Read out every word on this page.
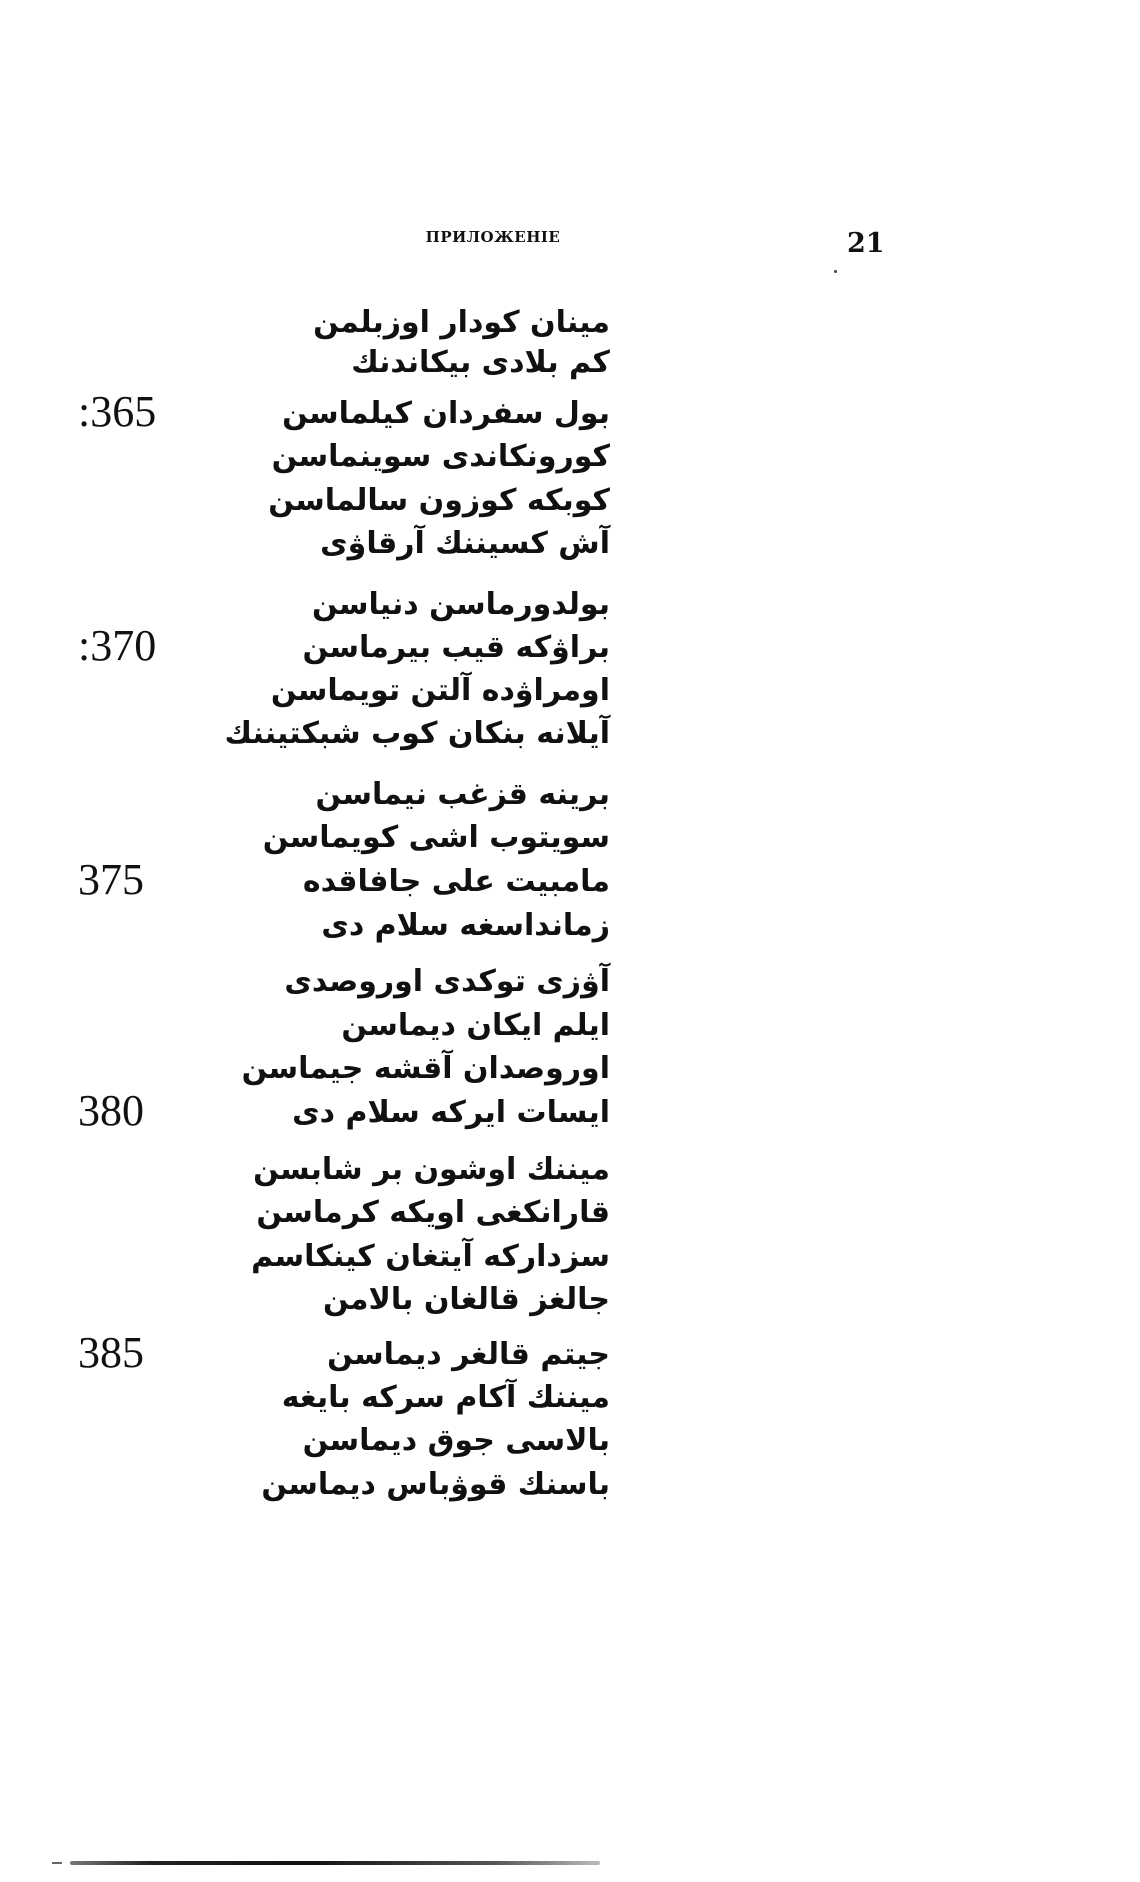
ПРИЛОЖЕНІЕ	21
مینان کودار اوزبلمن
کم بلادی بیکاندنك
بول سفردان کیلماسن
کورونکاندی سوینماسن
کوبکه کوزون سالماسن
آش کسیننك آرقاۋی
بولدورماسن دنیاسن
براۋکه قیب بیرماسن
اومراۋده آلتن تویماسن
آیلانه بنکان کوب شبکتیننك
برینه قزغب نیماسن
سویتوب اشی کویماسن
مامبیت علی جافاقده
زمانداسغه سلام دی
آۋزی توکدی اوروصدی
ایلم ایکان دیماسن
اوروصدان آقشه جیماسن
ایسات ایرکه سلام دی
میننك اوشون بر شابسن
قارانکغی اویکه کرماسن
سزدارکه آیتغان کینکاسم
جالغز قالغان بالامن
جیتم قالغر دیماسن
میننك آکام سرکه بایغه
بالاسی جوق دیماسن
باسنك قوۋباس دیماسن
:365
:370
375
380
385
